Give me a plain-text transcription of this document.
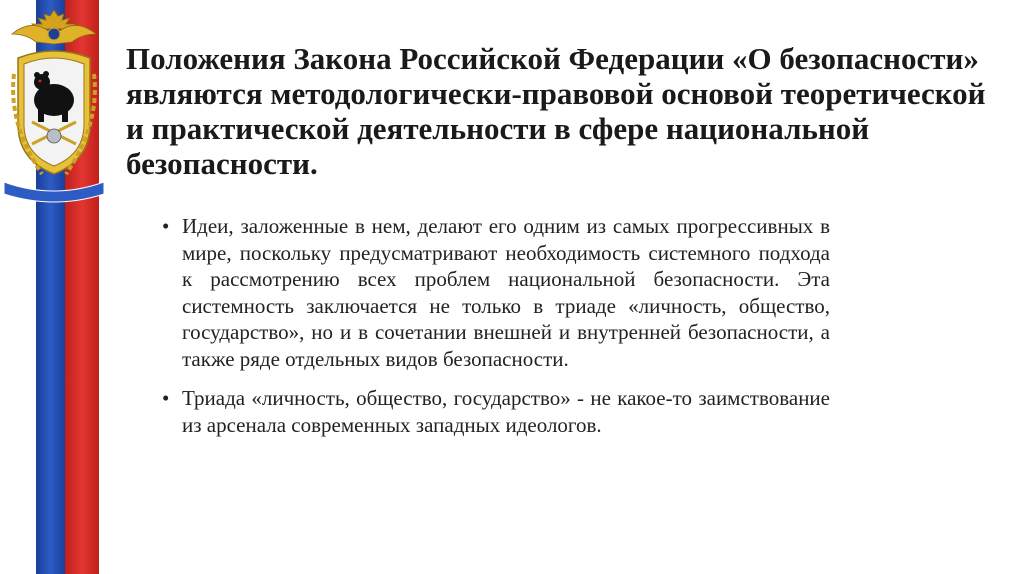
Положения Закона Российской Федерации «О безопасности» являются методологически-правовой основой теоретической и практической деятельности в сфере национальной безопасности.
• Идеи, заложенные в нем, делают его одним из самых прогрессивных в мире, поскольку предусматривают необходимость системного подхода к рассмотрению всех проблем национальной безопасности. Эта системность заключается не только в триаде «личность, общество, государство», но и в сочетании внешней и внутренней безопасности, а также ряде отдельных видов безопасности.
• Триада «личность, общество, государство» - не какое-то заимствование из арсенала современных западных идеологов.
